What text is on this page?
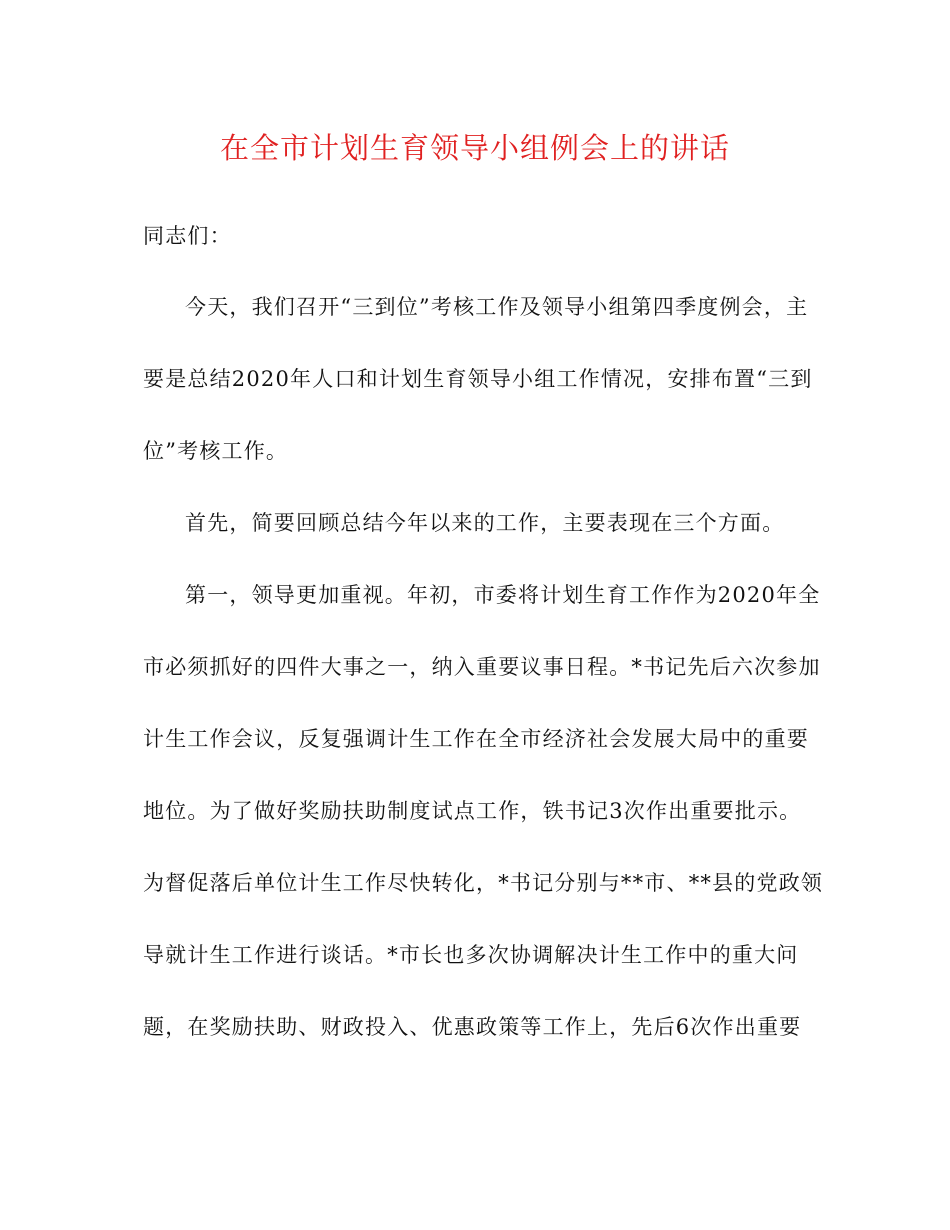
在全市计划生育领导小组例会上的讲话
同志们：
今天，我们召开“三到位”考核工作及领导小组第四季度例会，主
要是总结2020年人口和计划生育领导小组工作情况，安排布置“三到
位”考核工作。
首先，简要回顾总结今年以来的工作，主要表现在三个方面。
第一，领导更加重视。年初，市委将计划生育工作作为2020年全
市必须抓好的四件大事之一，纳入重要议事日程。*书记先后六次参加
计生工作会议，反复强调计生工作在全市经济社会发展大局中的重要
地位。为了做好奖励扶助制度试点工作，铁书记3次作出重要批示。
为督促落后单位计生工作尽快转化，*书记分别与**市、**县的党政领
导就计生工作进行谈话。*市长也多次协调解决计生工作中的重大问
题，在奖励扶助、财政投入、优惠政策等工作上，先后6次作出重要
